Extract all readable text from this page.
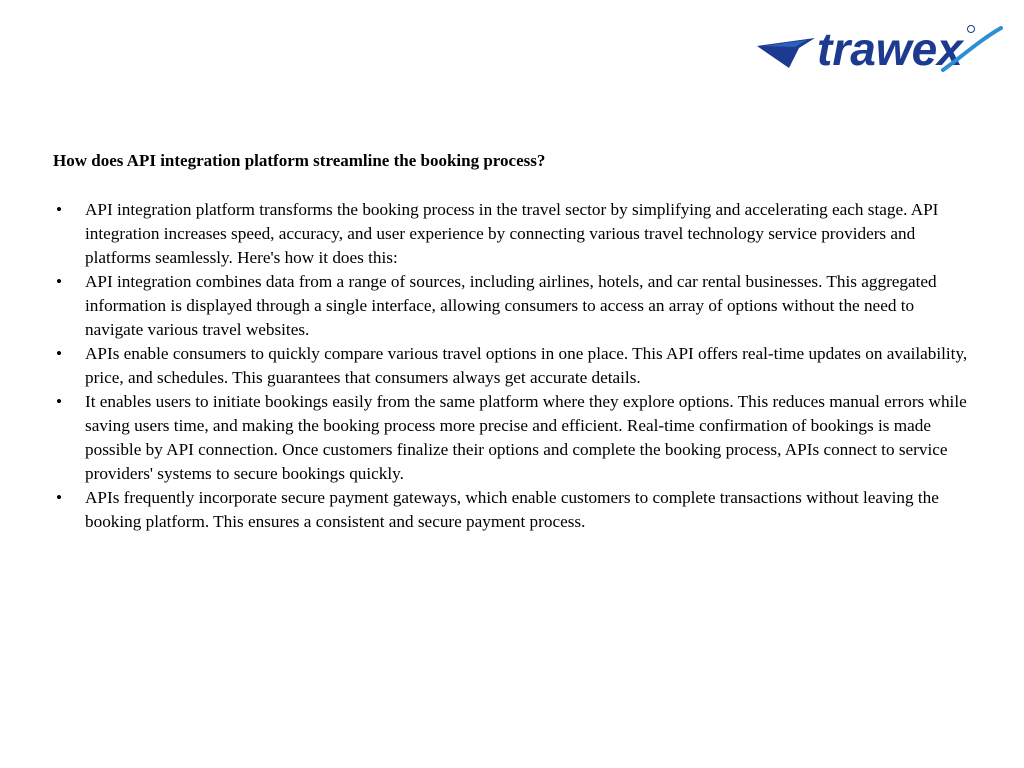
trawex
How does API integration platform streamline the booking process?
• API integration platform transforms the booking process in the travel sector by simplifying and accelerating each stage. API integration increases speed, accuracy, and user experience by connecting various travel technology service providers and platforms seamlessly. Here's how it does this:
• API integration combines data from a range of sources, including airlines, hotels, and car rental businesses. This aggregated information is displayed through a single interface, allowing consumers to access an array of options without the need to navigate various travel websites.
• APIs enable consumers to quickly compare various travel options in one place. This API offers real-time updates on availability, price, and schedules. This guarantees that consumers always get accurate details.
• It enables users to initiate bookings easily from the same platform where they explore options. This reduces manual errors while saving users time, and making the booking process more precise and efficient. Real-time confirmation of bookings is made possible by API connection. Once customers finalize their options and complete the booking process, APIs connect to service providers' systems to secure bookings quickly.
• APIs frequently incorporate secure payment gateways, which enable customers to complete transactions without leaving the booking platform. This ensures a consistent and secure payment process.
